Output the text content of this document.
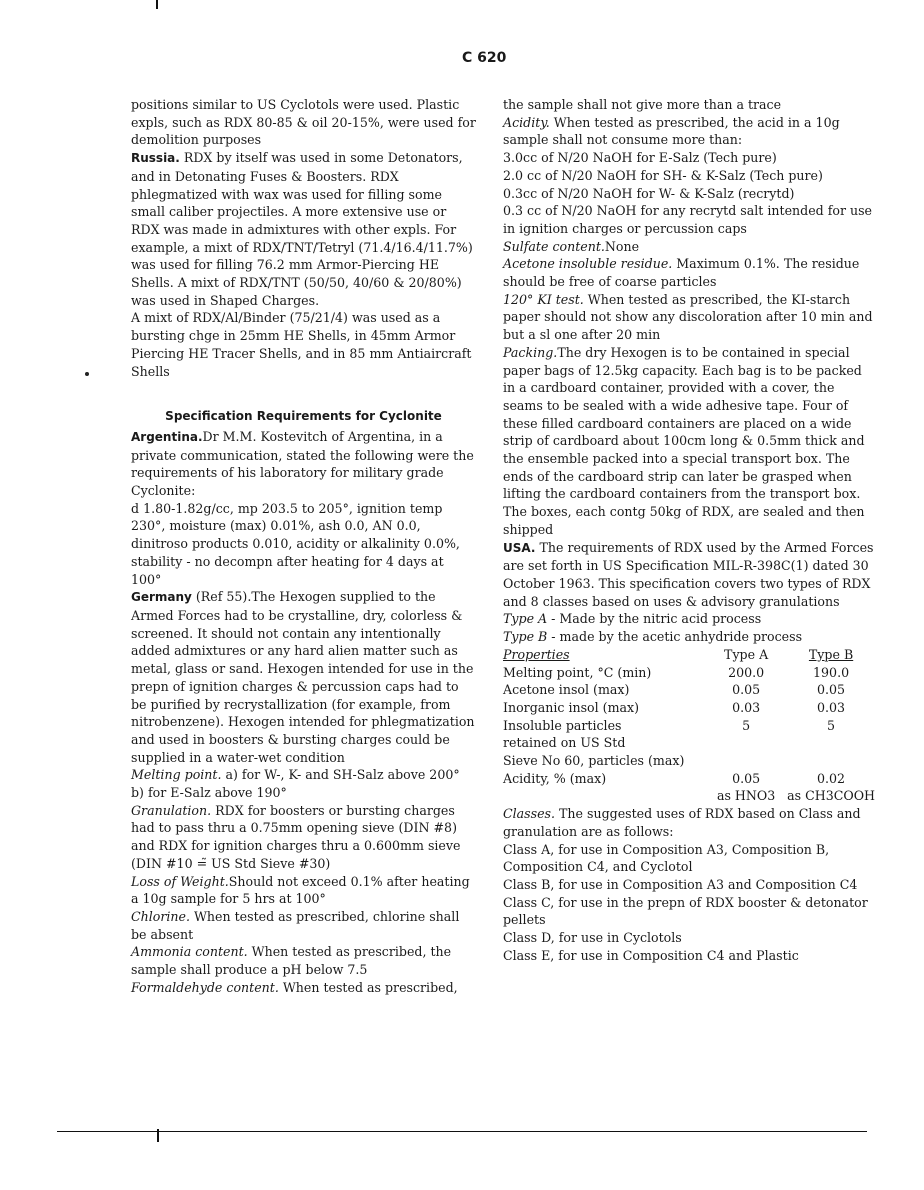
C 620

positions similar to US Cyclotols were used. Plastic expls, such as RDX 80-85 & oil 20-15%, were used for demolition purposes

Russia. RDX by itself was used in some Detonators, and in Detonating Fuses & Boosters. RDX phlegmatized with wax was used for filling some small caliber projectiles. A more extensive use or RDX was made in admixtures with other expls. For example, a mixt of RDX/TNT/Tetryl (71.4/16.4/11.7%) was used for filling 76.2 mm Armor-Piercing HE Shells. A mixt of RDX/TNT (50/50, 40/60 & 20/80%) was used in Shaped Charges.

A mixt of RDX/Al/Binder (75/21/4) was used as a bursting chge in 25mm HE Shells, in 45mm Armor Piercing HE Tracer Shells, and in 85 mm Antiaircraft Shells

Specification Requirements for Cyclonite

Argentina.Dr M.M. Kostevitch of Argentina, in a private communication, stated the following were the requirements of his laboratory for military grade Cyclonite:

d 1.80-1.82g/cc, mp 203.5 to 205°, ignition temp 230°, moisture (max) 0.01%, ash 0.0, AN 0.0, dinitroso products 0.010, acidity or alkalinity 0.0%, stability - no decompn after heating for 4 days at 100°

Germany (Ref 55).The Hexogen supplied to the Armed Forces had to be crystalline, dry, colorless & screened. It should not contain any intentionally added admixtures or any hard alien matter such as metal, glass or sand. Hexogen intended for use in the prepn of ignition charges & percussion caps had to be purified by recrystallization (for example, from nitrobenzene). Hexogen intended for phlegmatization and used in boosters & bursting charges could be supplied in a water-wet condition

Melting point. a) for W-, K- and SH-Salz above 200° b) for E-Salz above 190°

Granulation. RDX for boosters or bursting charges had to pass thru a 0.75mm opening sieve (DIN #8) and RDX for ignition charges thru a 0.600mm sieve (DIN #10 =̃ US Std Sieve #30)

Loss of Weight.Should not exceed 0.1% after heating a 10g sample for 5 hrs at 100°

Chlorine. When tested as prescribed, chlorine shall be absent

Ammonia content. When tested as prescribed, the sample shall produce a pH below 7.5

Formaldehyde content. When tested as prescribed,

the sample shall not give more than a trace

Acidity. When tested as prescribed, the acid in a 10g sample shall not consume more than:

3.0cc of N/20 NaOH for E-Salz (Tech pure)

2.0 cc of N/20 NaOH for SH- & K-Salz (Tech pure)

0.3cc of N/20 NaOH for W- & K-Salz (recrytd)

0.3 cc of N/20 NaOH for any recrytd salt intended for use in ignition charges or percussion caps

Sulfate content.None

Acetone insoluble residue. Maximum 0.1%. The residue should be free of coarse particles

120° KI test. When tested as prescribed, the KI-starch paper should not show any discoloration after 10 min and but a sl one after 20 min

Packing.The dry Hexogen is to be contained in special paper bags of 12.5kg capacity. Each bag is to be packed in a cardboard container, provided with a cover, the seams to be sealed with a wide adhesive tape. Four of these filled cardboard containers are placed on a wide strip of cardboard about 100cm long & 0.5mm thick and the ensemble packed into a special transport box. The ends of the cardboard strip can later be grasped when lifting the cardboard containers from the transport box. The boxes, each contg 50kg of RDX, are sealed and then shipped

USA. The requirements of RDX used by the Armed Forces are set forth in US Specification MIL-R-398C(1) dated 30 October 1963. This specification covers two types of RDX and 8 classes based on uses & advisory granulations

Type A - Made by the nitric acid process

Type B - made by the acetic anhydride process

Properties	Type A	Type B
Melting point, °C (min)	200.0	190.0
Acetone insol (max)	0.05	0.05
Inorganic insol (max)	0.03	0.03
Insoluble particles	5	5
retained on US Std		
Sieve No 60, particles (max)		
Acidity, % (max)	0.05	0.02
	as HNO3	as CH3COOH

Classes. The suggested uses of RDX based on Class and granulation are as follows:

Class A, for use in Composition A3, Composition B, Composition C4, and Cyclotol

Class B, for use in Composition A3 and Composition C4

Class C, for use in the prepn of RDX booster & detonator pellets

Class D, for use in Cyclotols

Class E, for use in Composition C4 and Plastic
